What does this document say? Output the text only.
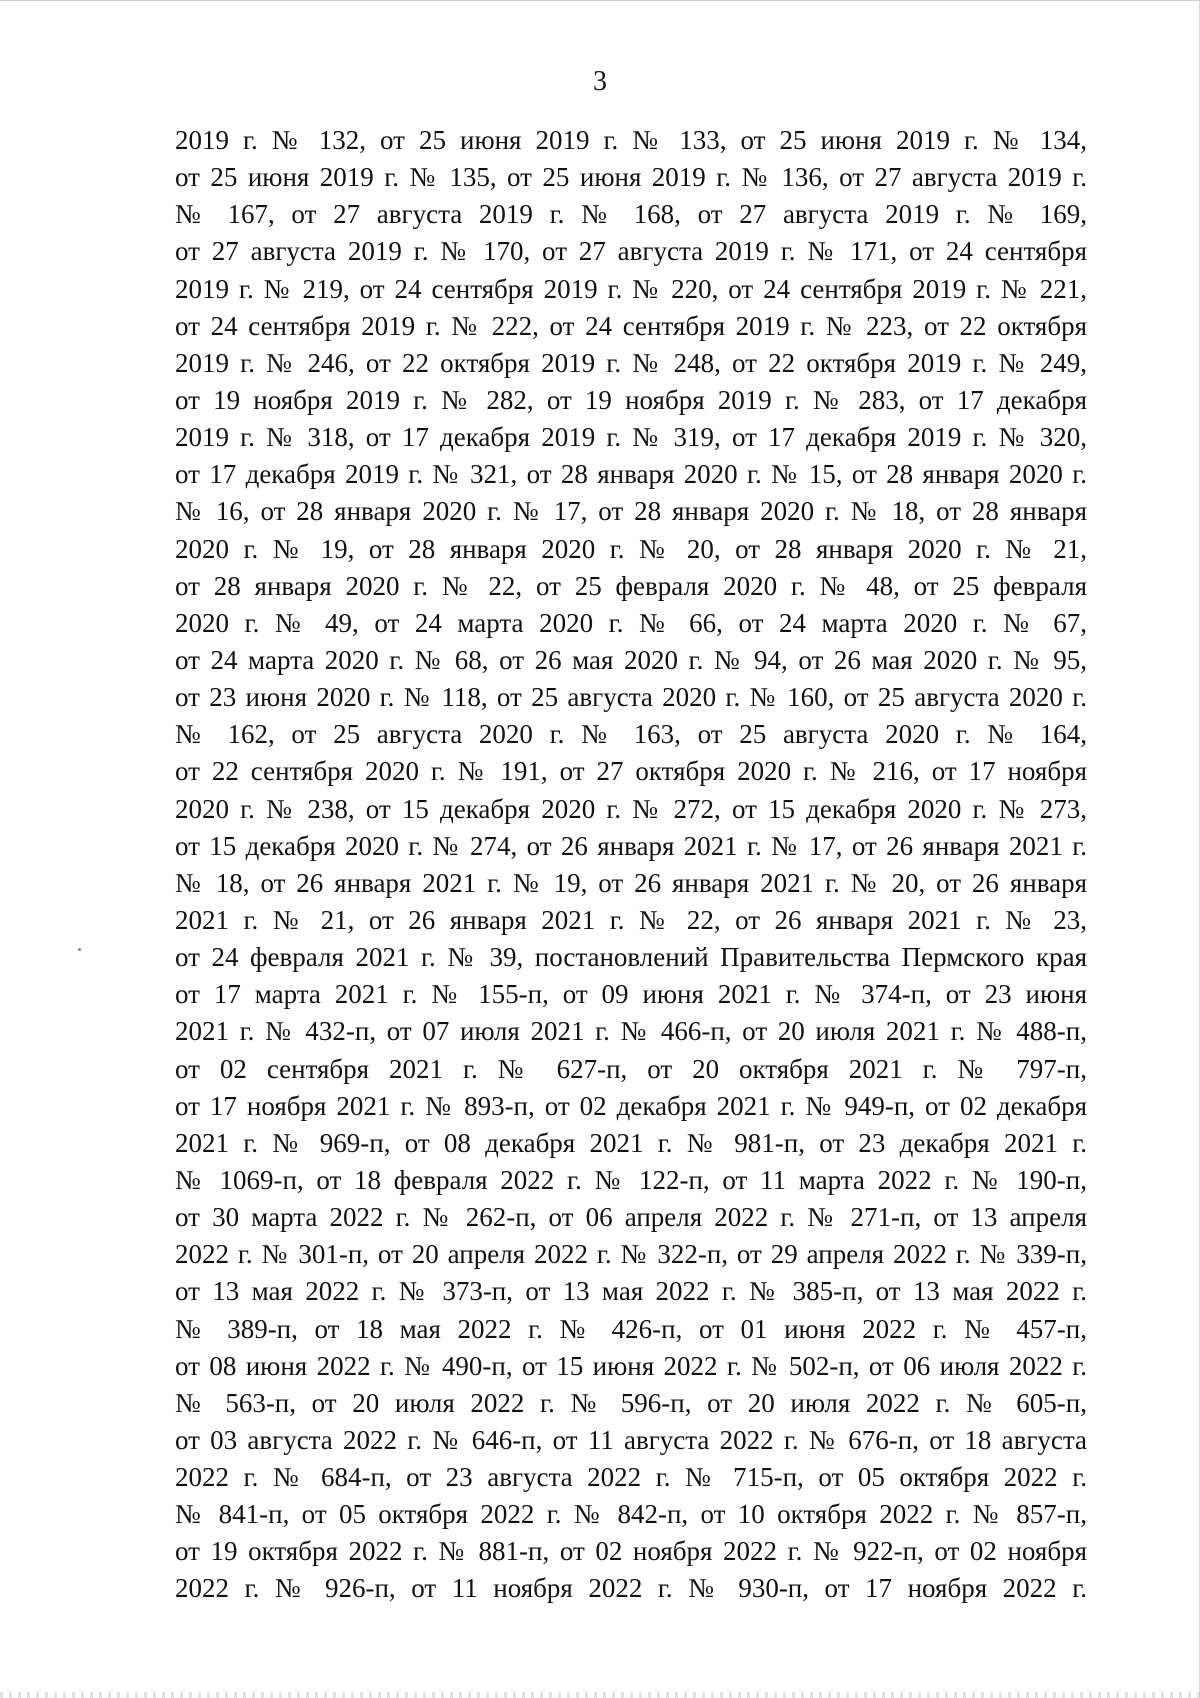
3
2019 г. № 132, от 25 июня 2019 г. № 133, от 25 июня 2019 г. № 134,
от 25 июня 2019 г. № 135, от 25 июня 2019 г. № 136, от 27 августа 2019 г.
№ 167, от 27 августа 2019 г. № 168, от 27 августа 2019 г. № 169,
от 27 августа 2019 г. № 170, от 27 августа 2019 г. № 171, от 24 сентября
2019 г. № 219, от 24 сентября 2019 г. № 220, от 24 сентября 2019 г. № 221,
от 24 сентября 2019 г. № 222, от 24 сентября 2019 г. № 223, от 22 октября
2019 г. № 246, от 22 октября 2019 г. № 248, от 22 октября 2019 г. № 249,
от 19 ноября 2019 г. № 282, от 19 ноября 2019 г. № 283, от 17 декабря
2019 г. № 318, от 17 декабря 2019 г. № 319, от 17 декабря 2019 г. № 320,
от 17 декабря 2019 г. № 321, от 28 января 2020 г. № 15, от 28 января 2020 г.
№ 16, от 28 января 2020 г. № 17, от 28 января 2020 г. № 18, от 28 января
2020 г. № 19, от 28 января 2020 г. № 20, от 28 января 2020 г. № 21,
от 28 января 2020 г. № 22, от 25 февраля 2020 г. № 48, от 25 февраля
2020 г. № 49, от 24 марта 2020 г. № 66, от 24 марта 2020 г. № 67,
от 24 марта 2020 г. № 68, от 26 мая 2020 г. № 94, от 26 мая 2020 г. № 95,
от 23 июня 2020 г. № 118, от 25 августа 2020 г. № 160, от 25 августа 2020 г.
№ 162, от 25 августа 2020 г. № 163, от 25 августа 2020 г. № 164,
от 22 сентября 2020 г. № 191, от 27 октября 2020 г. № 216, от 17 ноября
2020 г. № 238, от 15 декабря 2020 г. № 272, от 15 декабря 2020 г. № 273,
от 15 декабря 2020 г. № 274, от 26 января 2021 г. № 17, от 26 января 2021 г.
№ 18, от 26 января 2021 г. № 19, от 26 января 2021 г. № 20, от 26 января
2021 г. № 21, от 26 января 2021 г. № 22, от 26 января 2021 г. № 23,
от 24 февраля 2021 г. № 39, постановлений Правительства Пермского края
от 17 марта 2021 г. № 155-п, от 09 июня 2021 г. № 374-п, от 23 июня
2021 г. № 432-п, от 07 июля 2021 г. № 466-п, от 20 июля 2021 г. № 488-п,
от 02 сентября 2021 г. № 627-п, от 20 октября 2021 г. № 797-п,
от 17 ноября 2021 г. № 893-п, от 02 декабря 2021 г. № 949-п, от 02 декабря
2021 г. № 969-п, от 08 декабря 2021 г. № 981-п, от 23 декабря 2021 г.
№ 1069-п, от 18 февраля 2022 г. № 122-п, от 11 марта 2022 г. № 190-п,
от 30 марта 2022 г. № 262-п, от 06 апреля 2022 г. № 271-п, от 13 апреля
2022 г. № 301-п, от 20 апреля 2022 г. № 322-п, от 29 апреля 2022 г. № 339-п,
от 13 мая 2022 г. № 373-п, от 13 мая 2022 г. № 385-п, от 13 мая 2022 г.
№ 389-п, от 18 мая 2022 г. № 426-п, от 01 июня 2022 г. № 457-п,
от 08 июня 2022 г. № 490-п, от 15 июня 2022 г. № 502-п, от 06 июля 2022 г.
№ 563-п, от 20 июля 2022 г. № 596-п, от 20 июля 2022 г. № 605-п,
от 03 августа 2022 г. № 646-п, от 11 августа 2022 г. № 676-п, от 18 августа
2022 г. № 684-п, от 23 августа 2022 г. № 715-п, от 05 октября 2022 г.
№ 841-п, от 05 октября 2022 г. № 842-п, от 10 октября 2022 г. № 857-п,
от 19 октября 2022 г. № 881-п, от 02 ноября 2022 г. № 922-п, от 02 ноября
2022 г. № 926-п, от 11 ноября 2022 г. № 930-п, от 17 ноября 2022 г.
